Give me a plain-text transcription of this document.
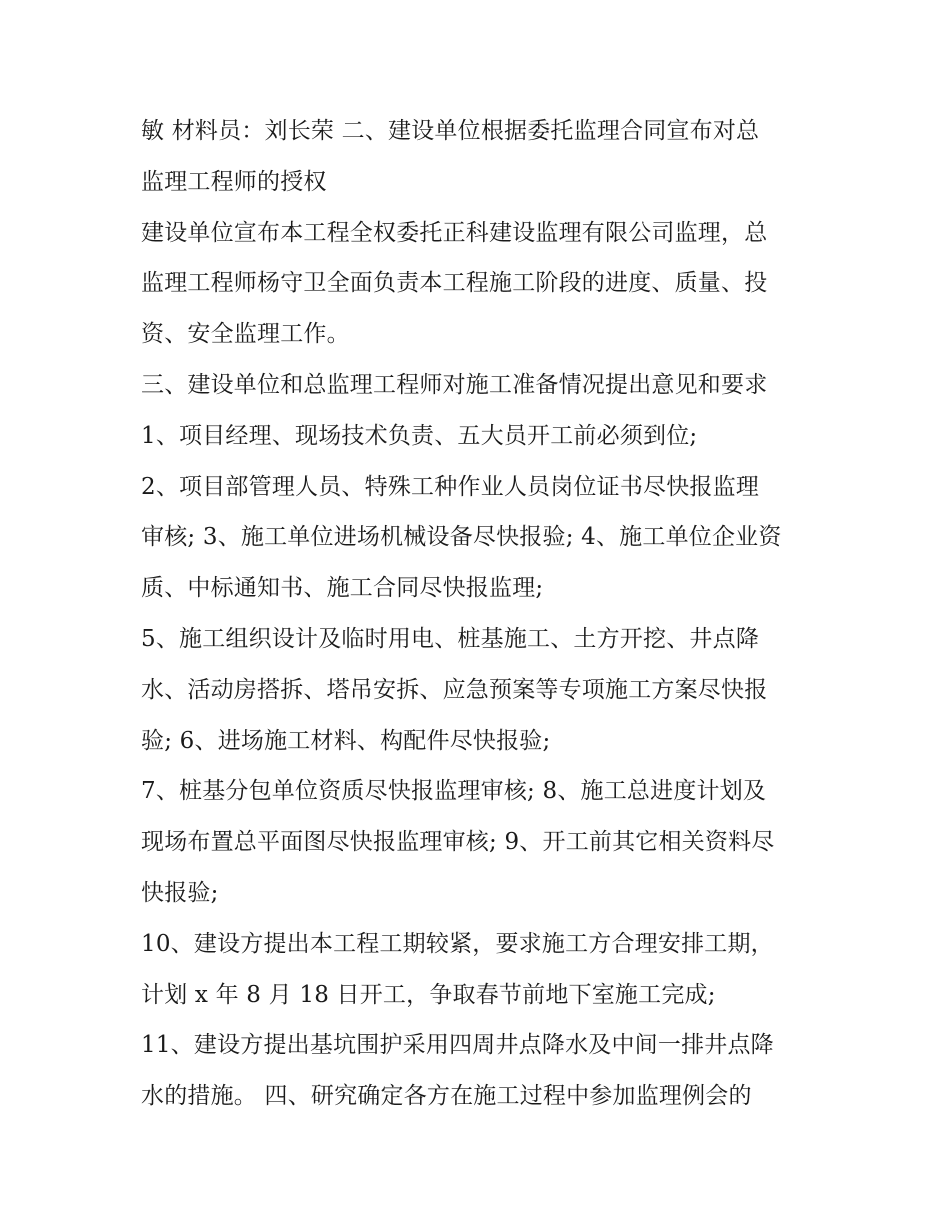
敏 材料员：刘长荣 二、建设单位根据委托监理合同宣布对总
监理工程师的授权
建设单位宣布本工程全权委托正科建设监理有限公司监理，总
监理工程师杨守卫全面负责本工程施工阶段的进度、质量、投
资、安全监理工作。
三、建设单位和总监理工程师对施工准备情况提出意见和要求
1、项目经理、现场技术负责、五大员开工前必须到位;
2、项目部管理人员、特殊工种作业人员岗位证书尽快报监理
审核; 3、施工单位进场机械设备尽快报验; 4、施工单位企业资
质、中标通知书、施工合同尽快报监理;
5、施工组织设计及临时用电、桩基施工、土方开挖、井点降
水、活动房搭拆、塔吊安拆、应急预案等专项施工方案尽快报
验; 6、进场施工材料、构配件尽快报验;
7、桩基分包单位资质尽快报监理审核; 8、施工总进度计划及
现场布置总平面图尽快报监理审核; 9、开工前其它相关资料尽
快报验;
10、建设方提出本工程工期较紧，要求施工方合理安排工期，
计划 x 年 8 月 18 日开工，争取春节前地下室施工完成;
11、建设方提出基坑围护采用四周井点降水及中间一排井点降
水的措施。 四、研究确定各方在施工过程中参加监理例会的
